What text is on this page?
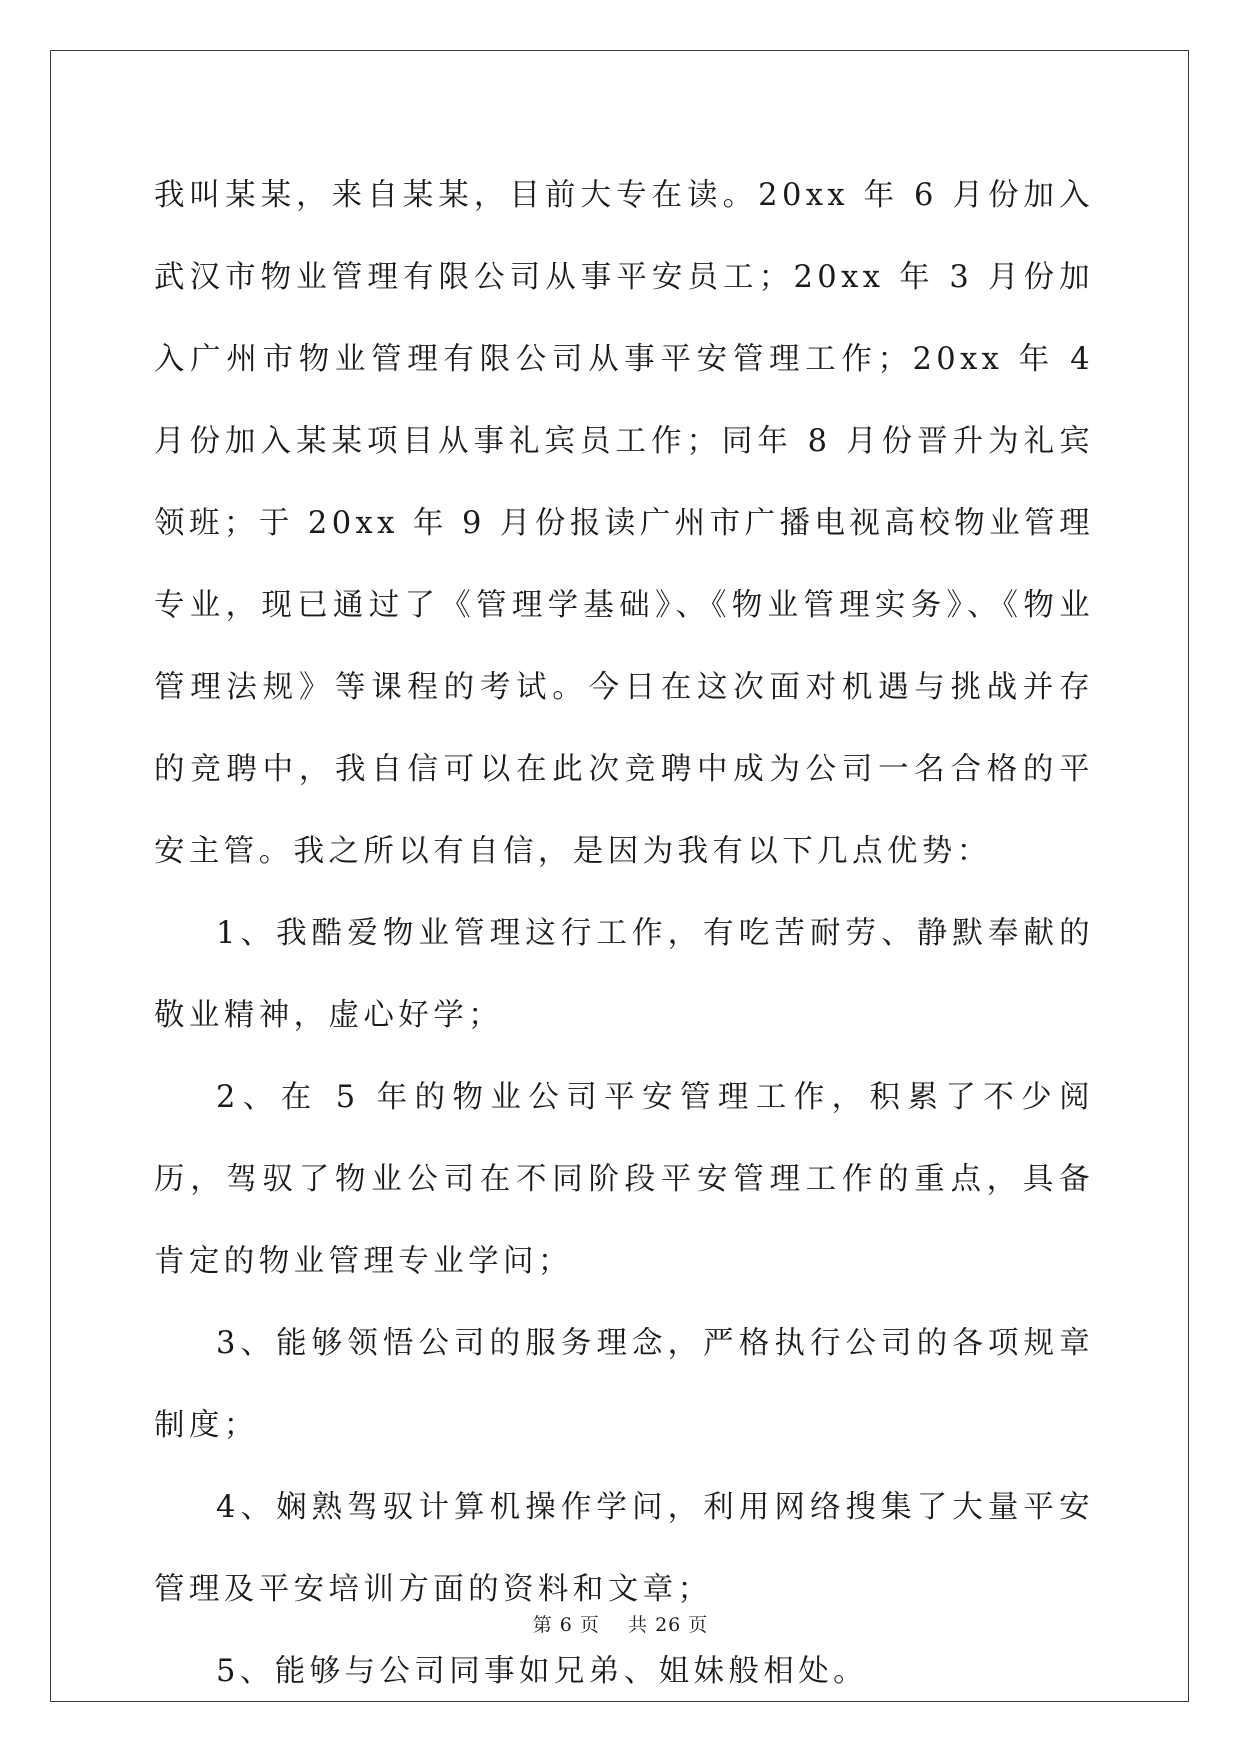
我叫某某，来自某某，目前大专在读。20xx 年 6 月份加入武汉市物业管理有限公司从事平安员工；20xx 年 3 月份加入广州市物业管理有限公司从事平安管理工作；20xx 年 4 月份加入某某项目从事礼宾员工作；同年 8 月份晋升为礼宾领班；于 20xx 年 9 月份报读广州市广播电视高校物业管理专业，现已通过了《管理学基础》、《物业管理实务》、《物业管理法规》等课程的考试。今日在这次面对机遇与挑战并存的竞聘中，我自信可以在此次竞聘中成为公司一名合格的平安主管。我之所以有自信，是因为我有以下几点优势：

1、我酷爱物业管理这行工作，有吃苦耐劳、静默奉献的敬业精神，虚心好学；

2、在 5 年的物业公司平安管理工作，积累了不少阅历，驾驭了物业公司在不同阶段平安管理工作的重点，具备肯定的物业管理专业学问；

3、能够领悟公司的服务理念，严格执行公司的各项规章制度；

4、娴熟驾驭计算机操作学问，利用网络搜集了大量平安管理及平安培训方面的资料和文章；

5、能够与公司同事如兄弟、姐妹般相处。

第 6 页 共 26 页
